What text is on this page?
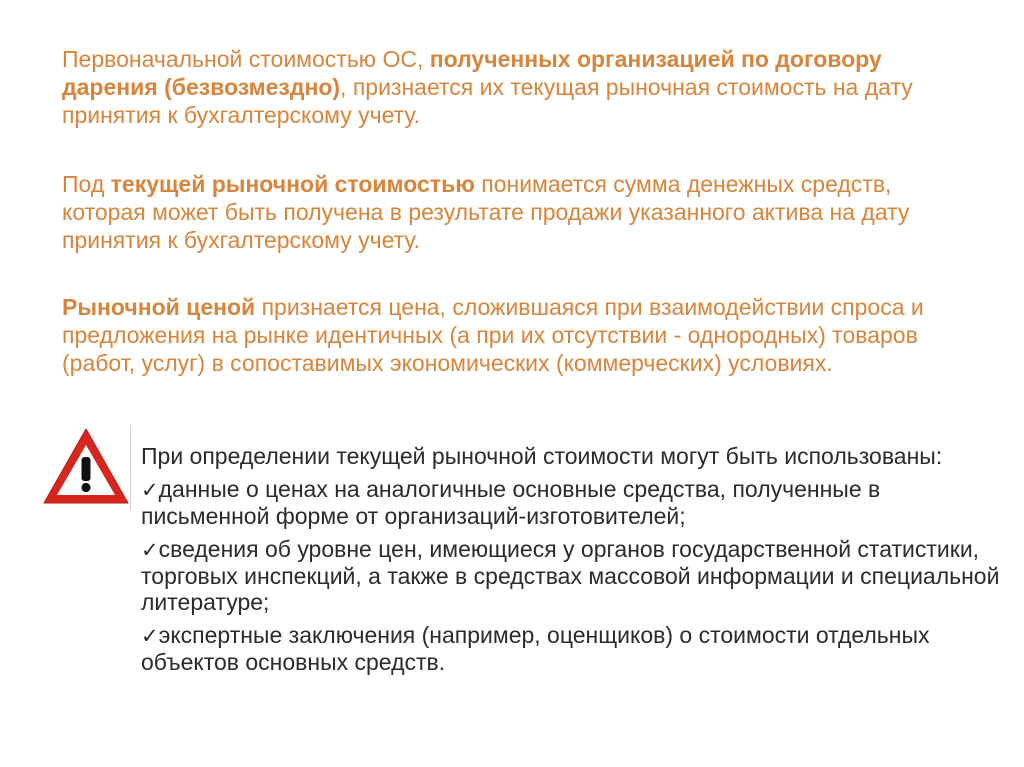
Первоначальной стоимостью ОС, полученных организацией по договору дарения (безвозмездно), признается их текущая рыночная стоимость на дату принятия к бухгалтерскому учету.

Под текущей рыночной стоимостью понимается сумма денежных средств, которая может быть получена в результате продажи указанного актива на дату принятия к бухгалтерскому учету.

Рыночной ценой признается цена, сложившаяся при взаимодействии спроса и предложения на рынке идентичных (а при их отсутствии - однородных) товаров (работ, услуг) в сопоставимых экономических (коммерческих) условиях.

При определении текущей рыночной стоимости могут быть использованы:

✓данные о ценах на аналогичные основные средства, полученные в письменной форме от организаций-изготовителей;

✓сведения об уровне цен, имеющиеся у органов государственной статистики, торговых инспекций, а также в средствах массовой информации и специальной литературе;

✓экспертные заключения (например, оценщиков) о стоимости отдельных объектов основных средств.
